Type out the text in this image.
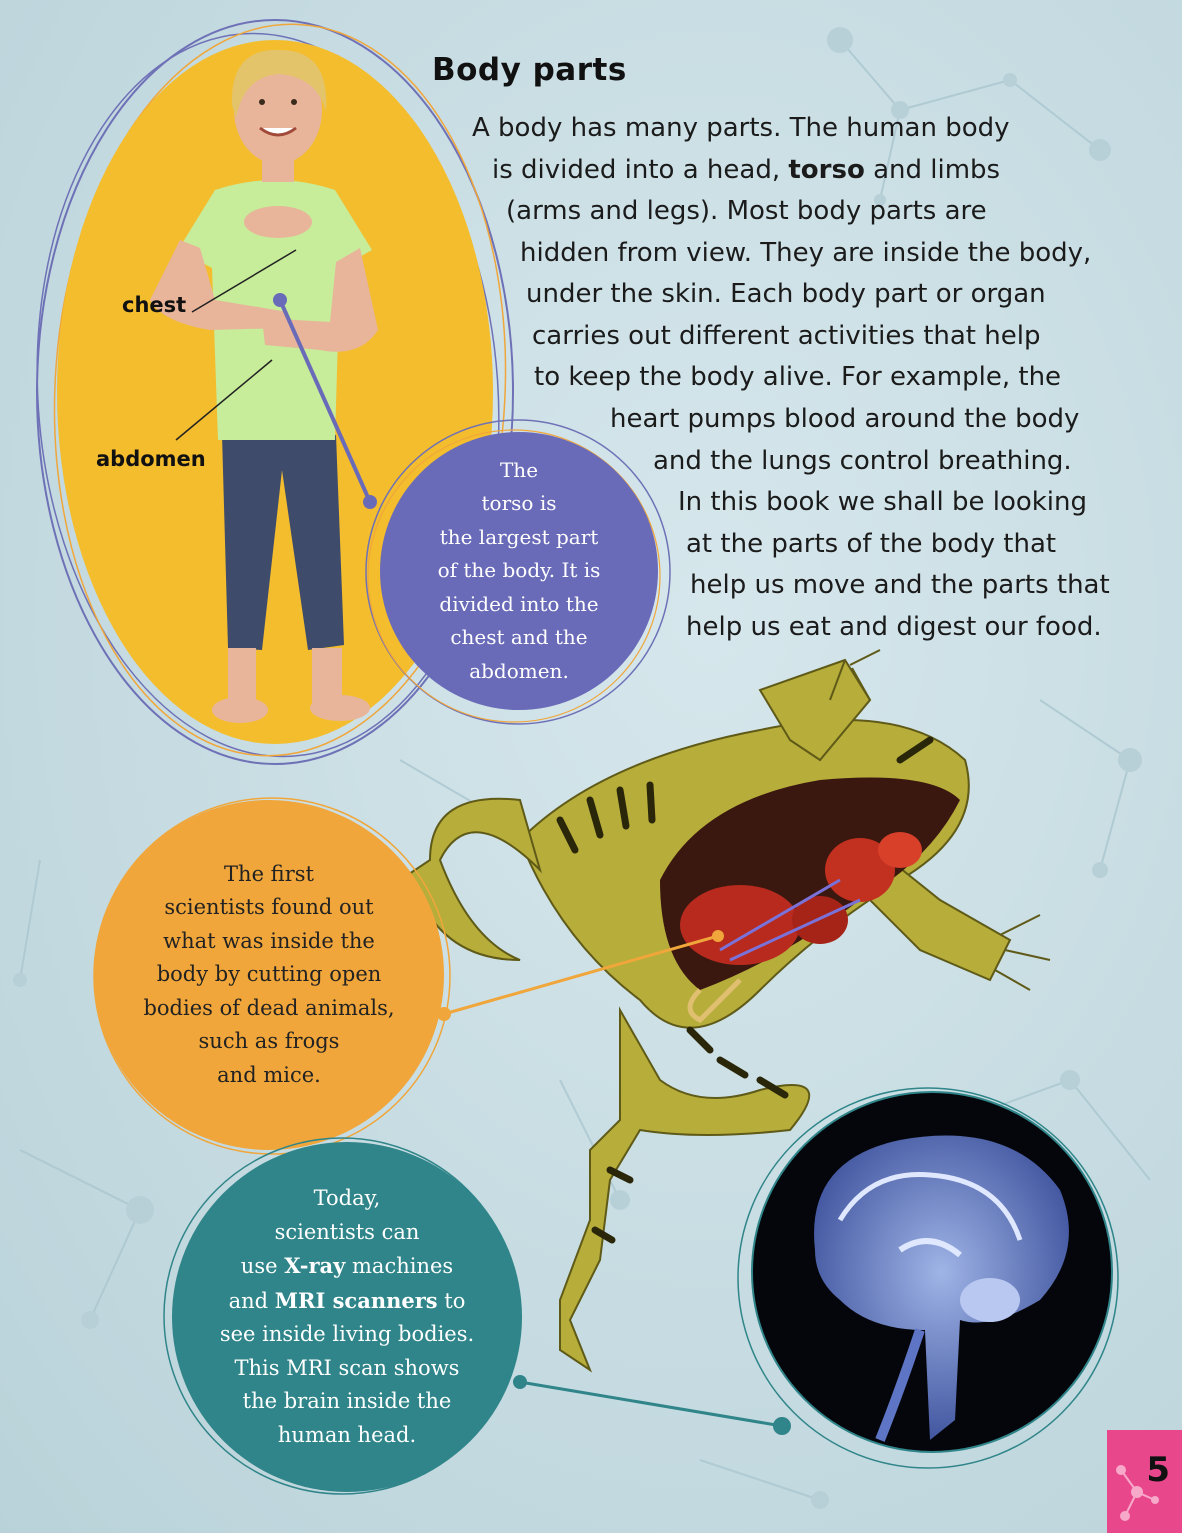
chest
abdomen	The
torso is
the largest part
of the body. It is
divided into the
chest and the
abdomen.
Body parts
A body has many parts. The human body
is divided into a head, torso and limbs
(arms and legs). Most body parts are
hidden from view. They are inside the body,
under the skin. Each body part or organ
carries out different activities that help
to keep the body alive. For example, the
heart pumps blood around the body
and the lungs control breathing.
In this book we shall be looking
at the parts of the body that
help us move and the parts that
help us eat and digest our food.
The first
scientists found out
what was inside the
body by cutting open
bodies of dead animals,
such as frogs
and mice.
Today,
scientists can
use X-ray machines
and MRI scanners to
see inside living bodies.
This MRI scan shows
the brain inside the
human head.
5
